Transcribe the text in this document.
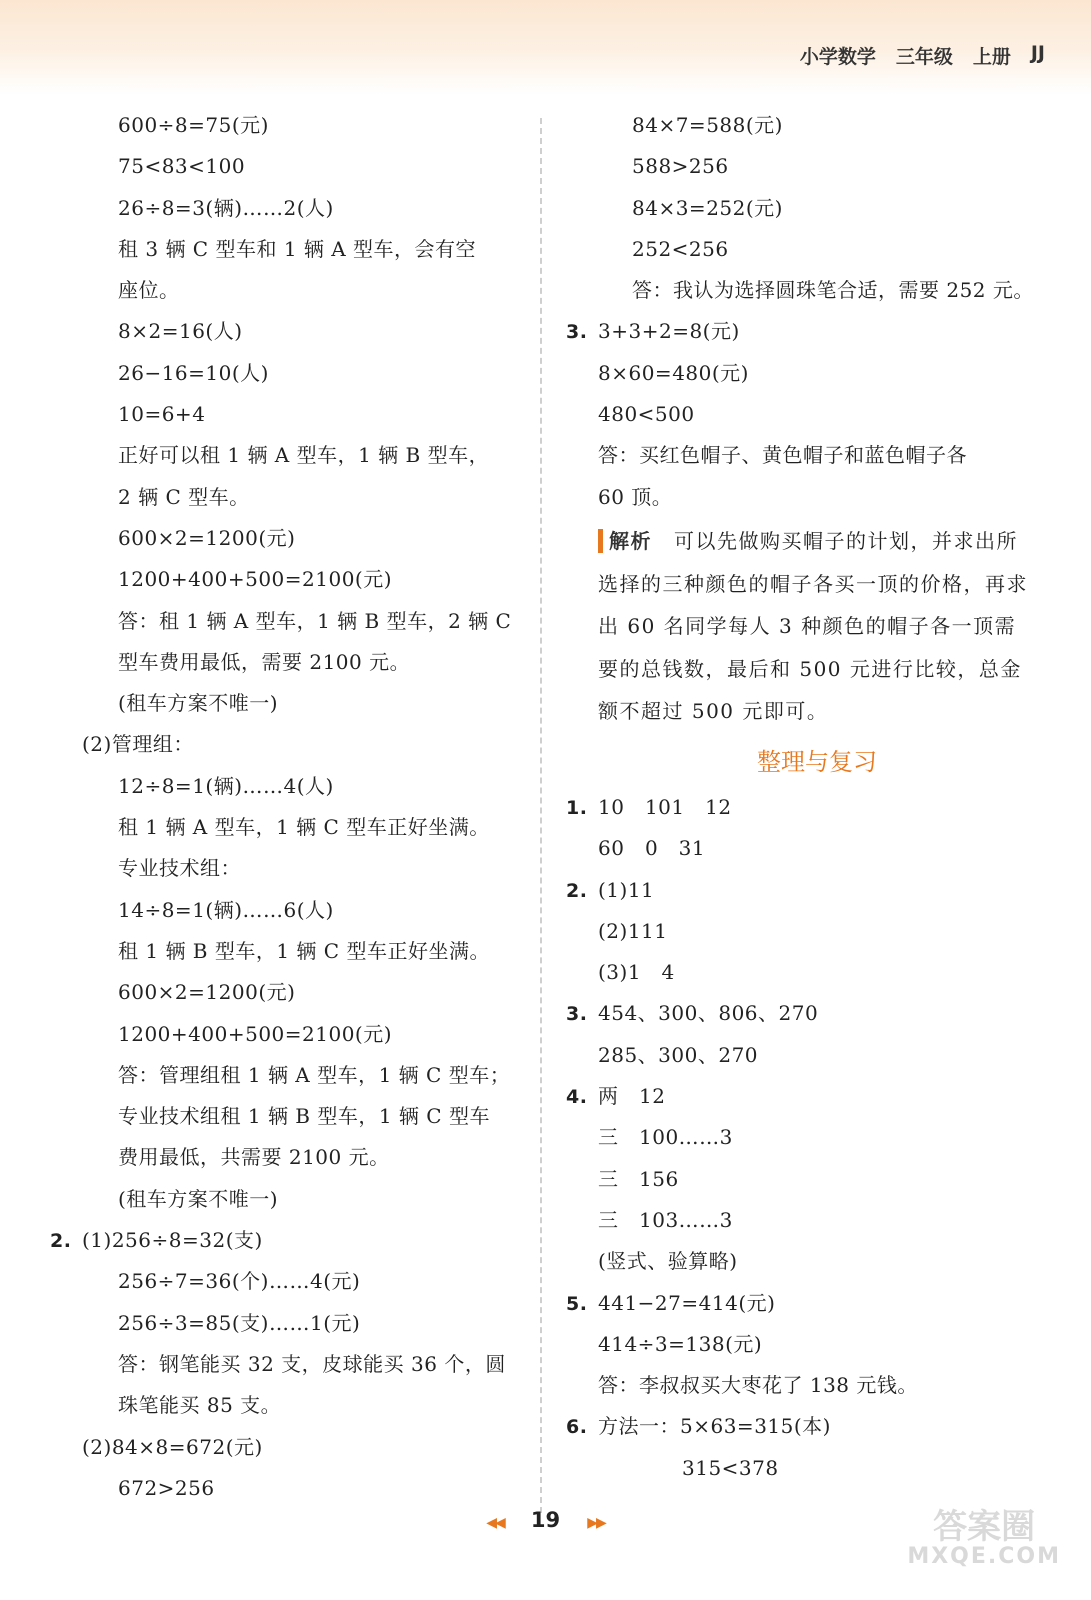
小学数学 三年级 上册 JJ
600÷8=75(元)
75<83<100
26÷8=3(辆)……2(人)
租 3 辆 C 型车和 1 辆 A 型车，会有空
座位。
8×2=16(人)
26−16=10(人)
10=6+4
正好可以租 1 辆 A 型车，1 辆 B 型车，
2 辆 C 型车。
600×2=1200(元)
1200+400+500=2100(元)
答：租 1 辆 A 型车，1 辆 B 型车，2 辆 C
型车费用最低，需要 2100 元。
(租车方案不唯一)
(2)管理组：
12÷8=1(辆)……4(人)
租 1 辆 A 型车，1 辆 C 型车正好坐满。
专业技术组：
14÷8=1(辆)……6(人)
租 1 辆 B 型车，1 辆 C 型车正好坐满。
600×2=1200(元)
1200+400+500=2100(元)
答：管理组租 1 辆 A 型车，1 辆 C 型车；
专业技术组租 1 辆 B 型车，1 辆 C 型车
费用最低，共需要 2100 元。
(租车方案不唯一)
2. (1)256÷8=32(支)
256÷7=36(个)……4(元)
256÷3=85(支)……1(元)
答：钢笔能买 32 支，皮球能买 36 个，圆
珠笔能买 85 支。
(2)84×8=672(元)
672>256
84×7=588(元)
588>256
84×3=252(元)
252<256
答：我认为选择圆珠笔合适，需要 252 元。
3. 3+3+2=8(元)
8×60=480(元)
480<500
答：买红色帽子、黄色帽子和蓝色帽子各
60 顶。
解析 可以先做购买帽子的计划，并求出所选择的三种颜色的帽子各买一顶的价格，再求出 60 名同学每人 3 种颜色的帽子各一顶需要的总钱数，最后和 500 元进行比较，总金额不超过 500 元即可。
整理与复习
1. 10　101　12
60　0　31
2. (1)11
(2)111
(3)1　4
3. 454、300、806、270
285、300、270
4. 两　12
三　100……3
三　156
三　103……3
(竖式、验算略)
5. 441−27=414(元)
414÷3=138(元)
答：李叔叔买大枣花了 138 元钱。
6. 方法一：5×63=315(本)
315<378
◀◀ 19 ▶▶	答案圈
MXQE.COM
